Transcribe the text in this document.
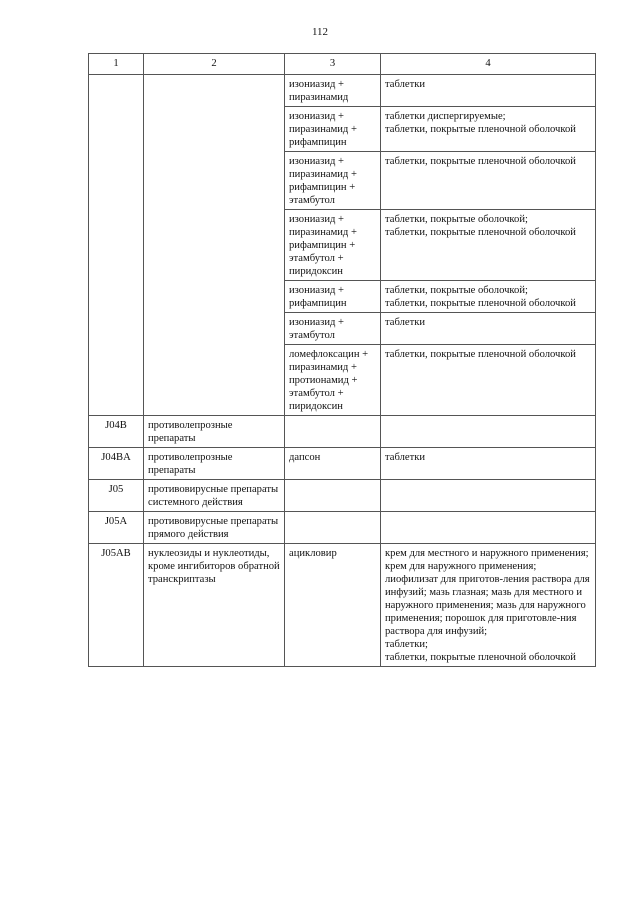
112
1	2	3	4
		изониазид + пиразинамид	таблетки

		изониазид + пиразинамид + рифампицин	таблетки диспергируемые;
таблетки, покрытые пленочной оболочкой

		изониазид + пиразинамид + рифампицин + этамбутол	таблетки, покрытые пленочной оболочкой

		изониазид + пиразинамид + рифампицин + этамбутол + пиридоксин	таблетки, покрытые оболочкой;
таблетки, покрытые пленочной оболочкой

		изониазид + рифампицин	таблетки, покрытые оболочкой;
таблетки, покрытые пленочной оболочкой

		изониазид + этамбутол	таблетки

		ломефлоксацин + пиразинамид + протионамид + этамбутол + пиридоксин	таблетки, покрытые пленочной оболочкой

J04B	противолепрозные препараты		
J04BA	противолепрозные препараты	дапсон	таблетки

J05	противовирусные препараты системного действия		
J05A	противовирусные препараты прямого действия		
J05AB	нуклеозиды и нуклеотиды, кроме ингибиторов обратной транскриптазы	ацикловир	крем для местного и наружного применения; крем для наружного применения; лиофилизат для приготов-ления раствора для инфузий; мазь глазная; мазь для местного и наружного применения; мазь для наружного применения; порошок для приготовле-ния раствора для инфузий;
таблетки;
таблетки, покрытые пленочной оболочкой
